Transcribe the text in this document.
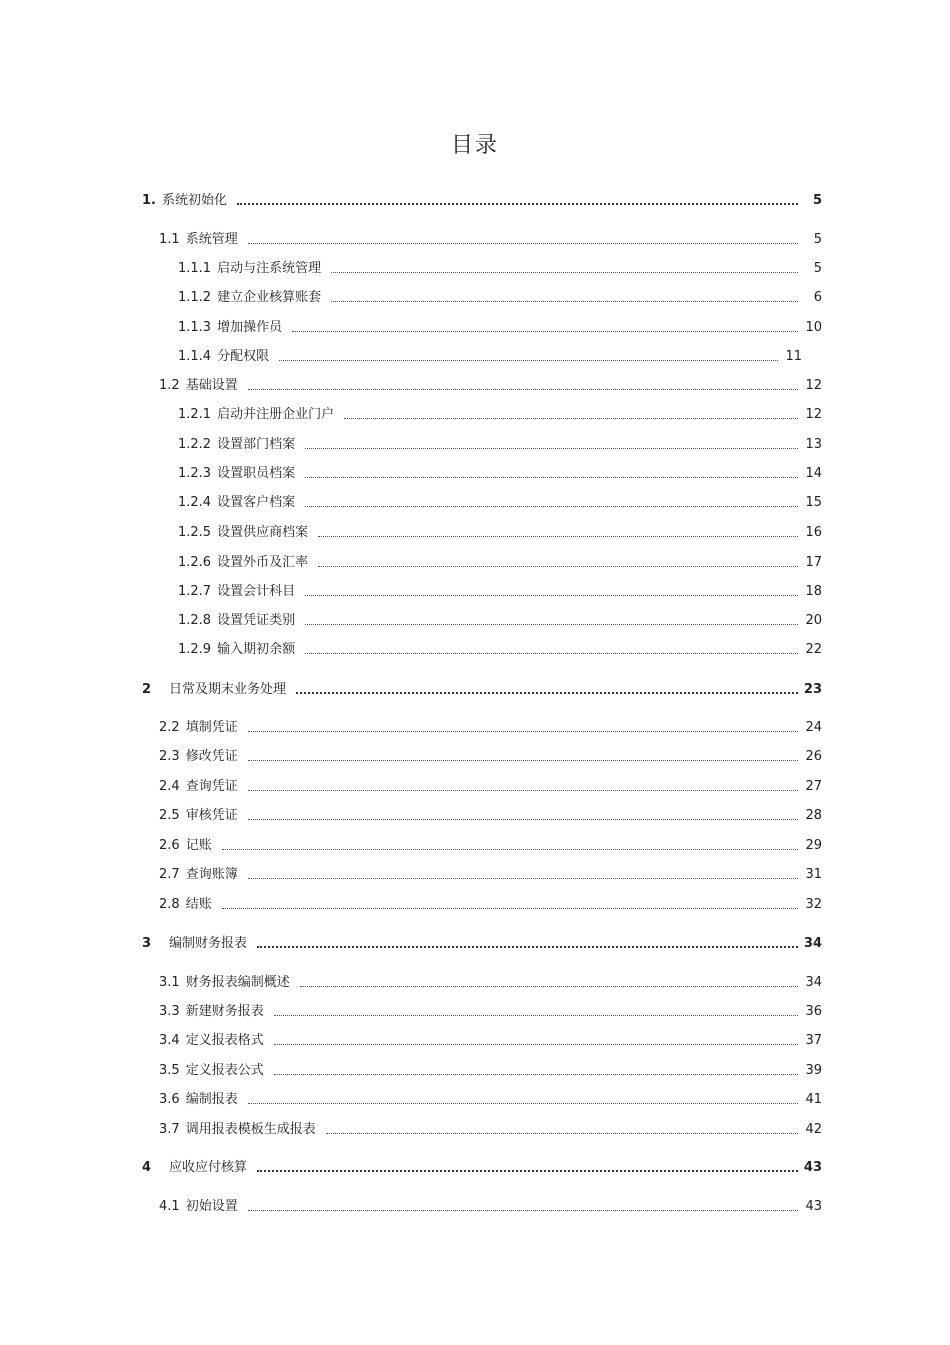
目录
1. 系统初始化	5
1.1 系统管理	5
1.1.1 启动与注系统管理	5
1.1.2 建立企业核算账套	6
1.1.3 增加操作员	10
1.1.4 分配权限	11
1.2 基础设置	12
1.2.1 启动并注册企业门户	12
1.2.2 设置部门档案	13
1.2.3 设置职员档案	14
1.2.4 设置客户档案	15
1.2.5 设置供应商档案	16
1.2.6 设置外币及汇率	17
1.2.7 设置会计科目	18
1.2.8 设置凭证类别	20
1.2.9 输入期初余额	22
2 日常及期末业务处理	23
2.2 填制凭证	24
2.3 修改凭证	26
2.4 查询凭证	27
2.5 审核凭证	28
2.6 记账	29
2.7 查询账簿	31
2.8 结账	32
3 编制财务报表	34
3.1 财务报表编制概述	34
3.3 新建财务报表	36
3.4 定义报表格式	37
3.5 定义报表公式	39
3.6 编制报表	41
3.7 调用报表模板生成报表	42
4 应收应付核算	43
4.1 初始设置	43
